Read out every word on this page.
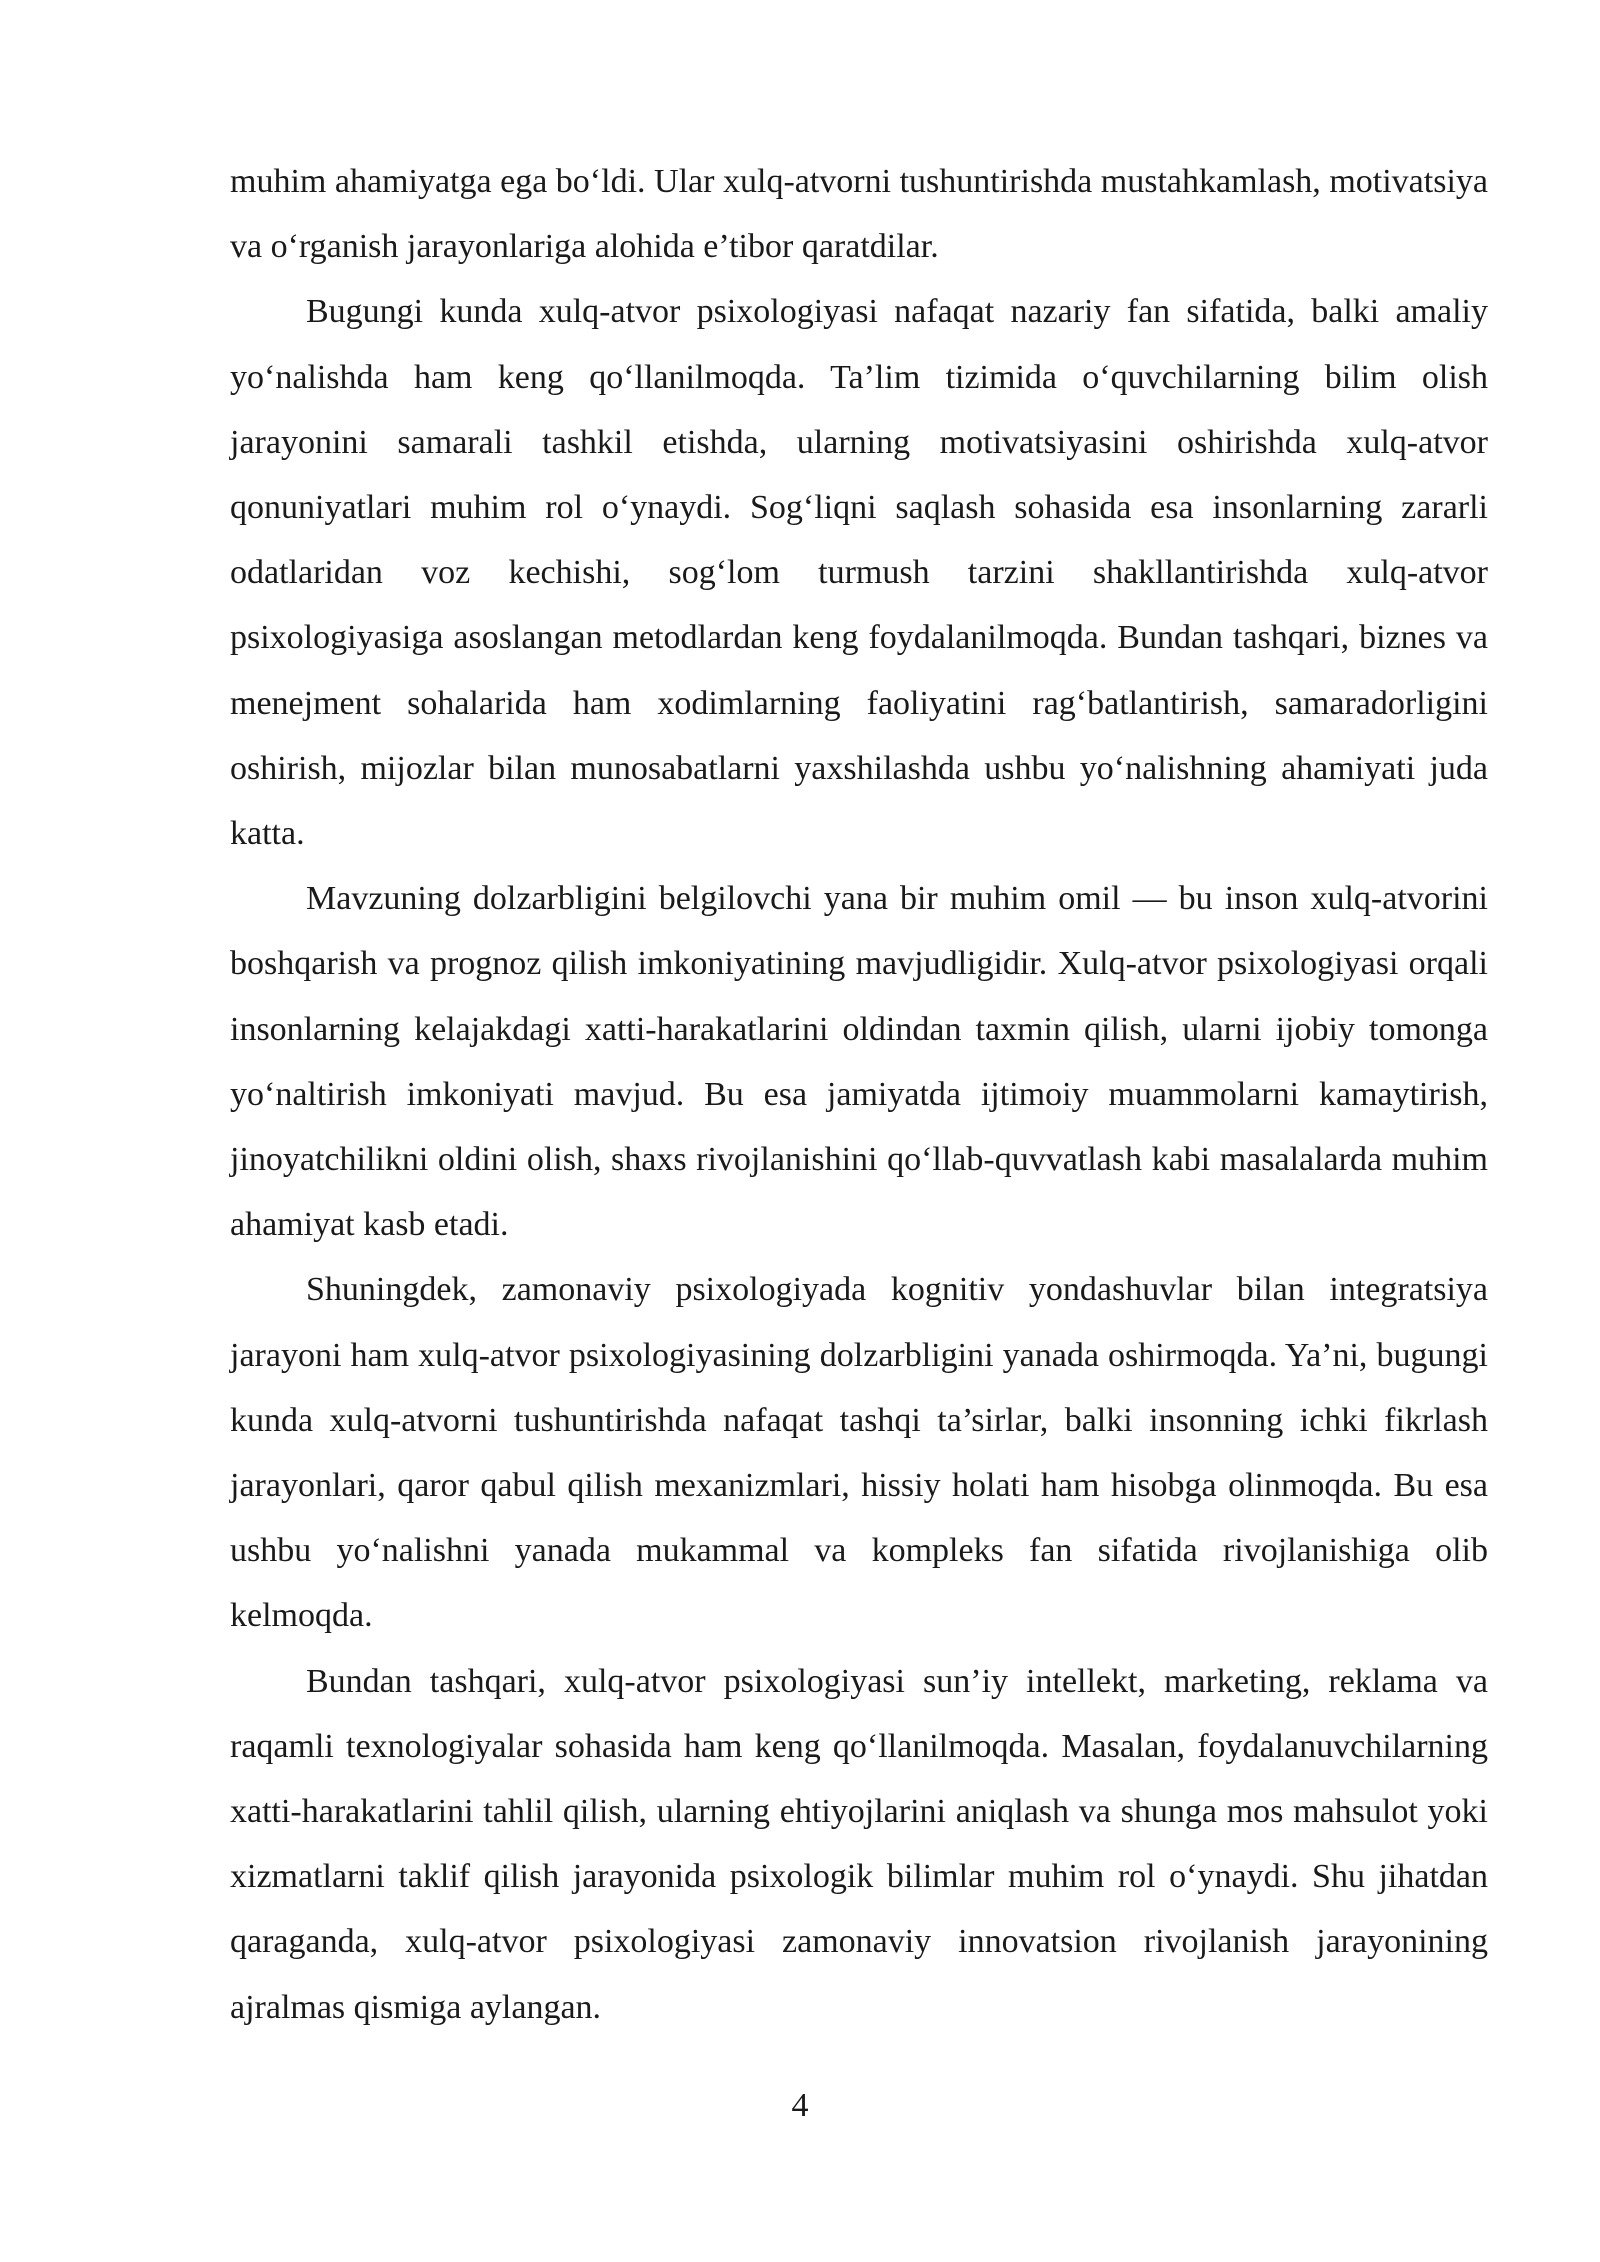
muhim ahamiyatga ega bo‘ldi. Ular xulq-atvorni tushuntirishda mustahkamlash, motivatsiya va o‘rganish jarayonlariga alohida e’tibor qaratdilar.

Bugungi kunda xulq-atvor psixologiyasi nafaqat nazariy fan sifatida, balki amaliy yo‘nalishda ham keng qo‘llanilmoqda. Ta’lim tizimida o‘quvchilarning bilim olish jarayonini samarali tashkil etishda, ularning motivatsiyasini oshirishda xulq-atvor qonuniyatlari muhim rol o‘ynaydi. Sog‘liqni saqlash sohasida esa insonlarning zararli odatlaridan voz kechishi, sog‘lom turmush tarzini shakllantirishda xulq-atvor psixologiyasiga asoslangan metodlardan keng foydalanilmoqda. Bundan tashqari, biznes va menejment sohalarida ham xodimlarning faoliyatini rag‘batlantirish, samaradorligini oshirish, mijozlar bilan munosabatlarni yaxshilashda ushbu yo‘nalishning ahamiyati juda katta.

Mavzuning dolzarbligini belgilovchi yana bir muhim omil — bu inson xulq-atvorini boshqarish va prognoz qilish imkoniyatining mavjudligidir. Xulq-atvor psixologiyasi orqali insonlarning kelajakdagi xatti-harakatlarini oldindan taxmin qilish, ularni ijobiy tomonga yo‘naltirish imkoniyati mavjud. Bu esa jamiyatda ijtimoiy muammolarni kamaytirish, jinoyatchilikni oldini olish, shaxs rivojlanishini qo‘llab-quvvatlash kabi masalalarda muhim ahamiyat kasb etadi.

Shuningdek, zamonaviy psixologiyada kognitiv yondashuvlar bilan integratsiya jarayoni ham xulq-atvor psixologiyasining dolzarbligini yanada oshirmoqda. Ya’ni, bugungi kunda xulq-atvorni tushuntirishda nafaqat tashqi ta’sirlar, balki insonning ichki fikrlash jarayonlari, qaror qabul qilish mexanizmlari, hissiy holati ham hisobga olinmoqda. Bu esa ushbu yo‘nalishni yanada mukammal va kompleks fan sifatida rivojlanishiga olib kelmoqda.

Bundan tashqari, xulq-atvor psixologiyasi sun’iy intellekt, marketing, reklama va raqamli texnologiyalar sohasida ham keng qo‘llanilmoqda. Masalan, foydalanuvchilarning xatti-harakatlarini tahlil qilish, ularning ehtiyojlarini aniqlash va shunga mos mahsulot yoki xizmatlarni taklif qilish jarayonida psixologik bilimlar muhim rol o‘ynaydi. Shu jihatdan qaraganda, xulq-atvor psixologiyasi zamonaviy innovatsion rivojlanish jarayonining ajralmas qismiga aylangan.

4
